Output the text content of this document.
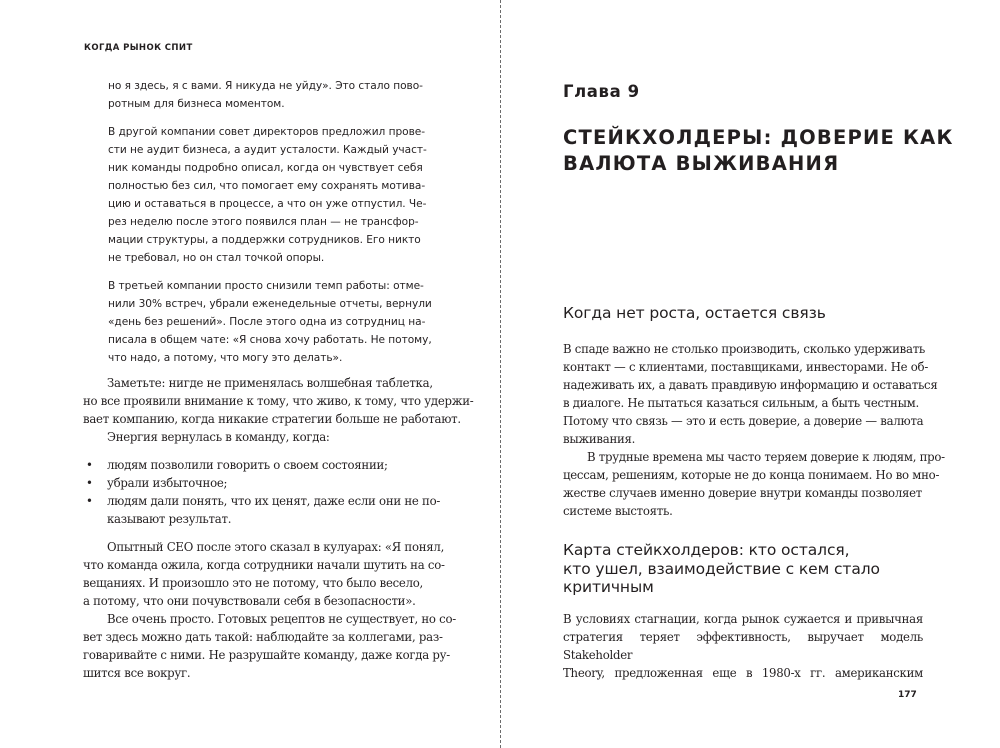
КОГДА РЫНОК СПИТ

но я здесь, я с вами. Я никуда не уйду». Это стало пово-
ротным для бизнеса моментом.

В другой компании совет директоров предложил прове-
сти не аудит бизнеса, а аудит усталости. Каждый участ-
ник команды подробно описал, когда он чувствует себя
полностью без сил, что помогает ему сохранять мотива-
цию и оставаться в процессе, а что он уже отпустил. Че-
рез неделю после этого появился план — не трансфор-
мации структуры, а поддержки сотрудников. Его никто
не требовал, но он стал точкой опоры.

В третьей компании просто снизили темп работы: отме-
нили 30% встреч, убрали еженедельные отчеты, вернули
«день без решений». После этого одна из сотрудниц на-
писала в общем чате: «Я снова хочу работать. Не потому,
что надо, а потому, что могу это делать».

Заметьте: нигде не применялась волшебная таблетка,
но все проявили внимание к тому, что живо, к тому, что удержи-
вает компанию, когда никакие стратегии больше не работают.
Энергия вернулась в команду, когда:
• людям позволили говорить о своем состоянии;
• убрали избыточное;
• людям дали понять, что их ценят, даже если они не по-
казывают результат.
Опытный CEO после этого сказал в кулуарах: «Я понял,
что команда ожила, когда сотрудники начали шутить на со-
вещаниях. И произошло это не потому, что было весело,
а потому, что они почувствовали себя в безопасности».
Все очень просто. Готовых рецептов не существует, но со-
вет здесь можно дать такой: наблюдайте за коллегами, раз-
говаривайте с ними. Не разрушайте команду, даже когда ру-
шится все вокруг.
Глава 9
СТЕЙКХОЛДЕРЫ: ДОВЕРИЕ КАК
ВАЛЮТА ВЫЖИВАНИЯ
Когда нет роста, остается связь
В спаде важно не столько производить, сколько удерживать
контакт — с клиентами, поставщиками, инвесторами. Не об-
надеживать их, а давать правдивую информацию и оставаться
в диалоге. Не пытаться казаться сильным, а быть честным.
Потому что связь — это и есть доверие, а доверие — валюта
выживания.
В трудные времена мы часто теряем доверие к людям, про-
цессам, решениям, которые не до конца понимаем. Но во мно-
жестве случаев именно доверие внутри команды позволяет
системе выстоять.
Карта стейкхолдеров: кто остался,
кто ушел, взаимодействие с кем стало
критичным
В условиях стагнации, когда рынок сужается и привычная
стратегия теряет эффективность, выручает модель Stakeholder
Theory, предложенная еще в 1980-х гг. американским
177
